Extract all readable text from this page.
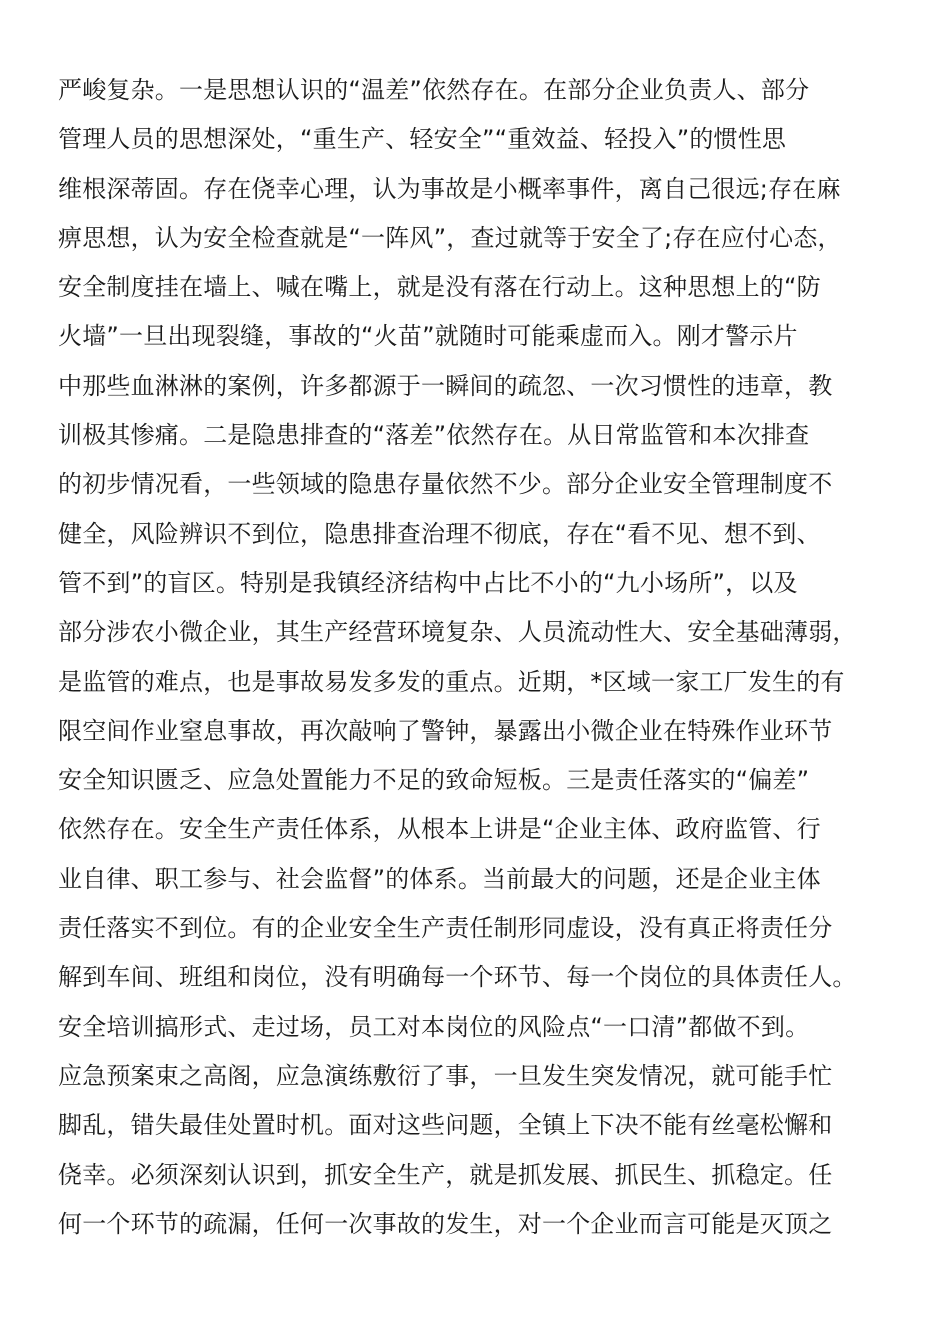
严峻复杂。一是思想认识的“温差”依然存在。在部分企业负责人、部分
管理人员的思想深处，“重生产、轻安全”“重效益、轻投入”的惯性思
维根深蒂固。存在侥幸心理，认为事故是小概率事件，离自己很远;存在麻
痹思想，认为安全检查就是“一阵风”，查过就等于安全了;存在应付心态，
安全制度挂在墙上、喊在嘴上，就是没有落在行动上。这种思想上的“防
火墙”一旦出现裂缝，事故的“火苗”就随时可能乘虚而入。刚才警示片
中那些血淋淋的案例，许多都源于一瞬间的疏忽、一次习惯性的违章，教
训极其惨痛。二是隐患排查的“落差”依然存在。从日常监管和本次排查
的初步情况看，一些领域的隐患存量依然不少。部分企业安全管理制度不
健全，风险辨识不到位，隐患排查治理不彻底，存在“看不见、想不到、
管不到”的盲区。特别是我镇经济结构中占比不小的“九小场所”，以及
部分涉农小微企业，其生产经营环境复杂、人员流动性大、安全基础薄弱，
是监管的难点，也是事故易发多发的重点。近期，*区域一家工厂发生的有
限空间作业窒息事故，再次敲响了警钟，暴露出小微企业在特殊作业环节
安全知识匮乏、应急处置能力不足的致命短板。三是责任落实的“偏差”
依然存在。安全生产责任体系，从根本上讲是“企业主体、政府监管、行
业自律、职工参与、社会监督”的体系。当前最大的问题，还是企业主体
责任落实不到位。有的企业安全生产责任制形同虚设，没有真正将责任分
解到车间、班组和岗位，没有明确每一个环节、每一个岗位的具体责任人。
安全培训搞形式、走过场，员工对本岗位的风险点“一口清”都做不到。
应急预案束之高阁，应急演练敷衍了事，一旦发生突发情况，就可能手忙
脚乱，错失最佳处置时机。面对这些问题，全镇上下决不能有丝毫松懈和
侥幸。必须深刻认识到，抓安全生产，就是抓发展、抓民生、抓稳定。任
何一个环节的疏漏，任何一次事故的发生，对一个企业而言可能是灭顶之
